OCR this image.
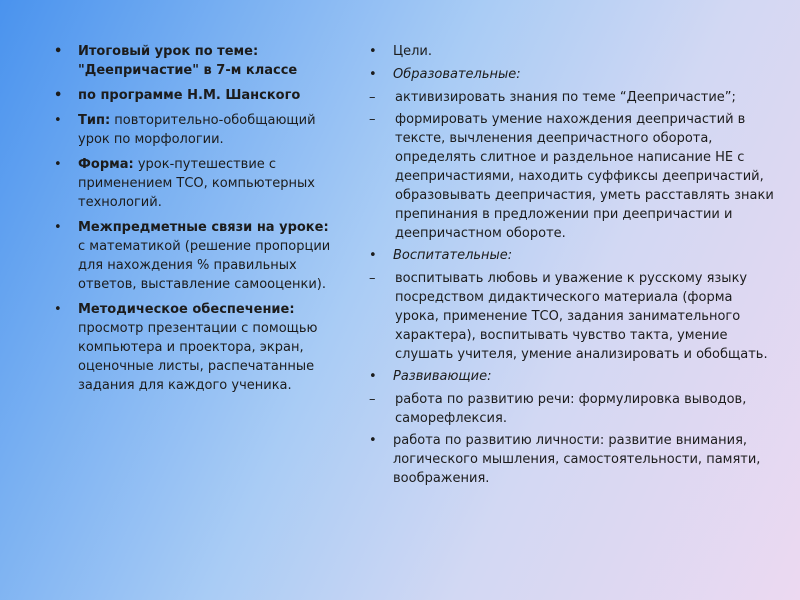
• Итоговый урок по теме: "Деепричастие" в 7-м классе
• по программе Н.М. Шанского
• Тип: повторительно-обобщающий урок по морфологии.
• Форма: урок-путешествие с применением ТСО, компьютерных технологий.
• Межпредметные связи на уроке: с математикой (решение пропорции для нахождения % правильных ответов, выставление самооценки).
• Методическое обеспечение: просмотр презентации с помощью компьютера и проектора, экран, оценочные листы, распечатанные задания для каждого ученика.
• Цели.
• Образовательные:
– активизировать знания по теме “Деепричастие”;
– формировать умение нахождения деепричастий в тексте, вычленения деепричастного оборота, определять слитное и раздельное написание НЕ с деепричастиями, находить суффиксы деепричастий, образовывать деепричастия, уметь расставлять знаки препинания в предложении при деепричастии и деепричастном обороте.
• Воспитательные:
– воспитывать любовь и уважение к русскому языку посредством дидактического материала (форма урока, применение ТСО, задания занимательного характера), воспитывать чувство такта, умение слушать учителя, умение анализировать и обобщать.
• Развивающие:
– работа по развитию речи: формулировка выводов, саморефлексия.
• работа по развитию личности: развитие внимания, логического мышления, самостоятельности, памяти, воображения.
